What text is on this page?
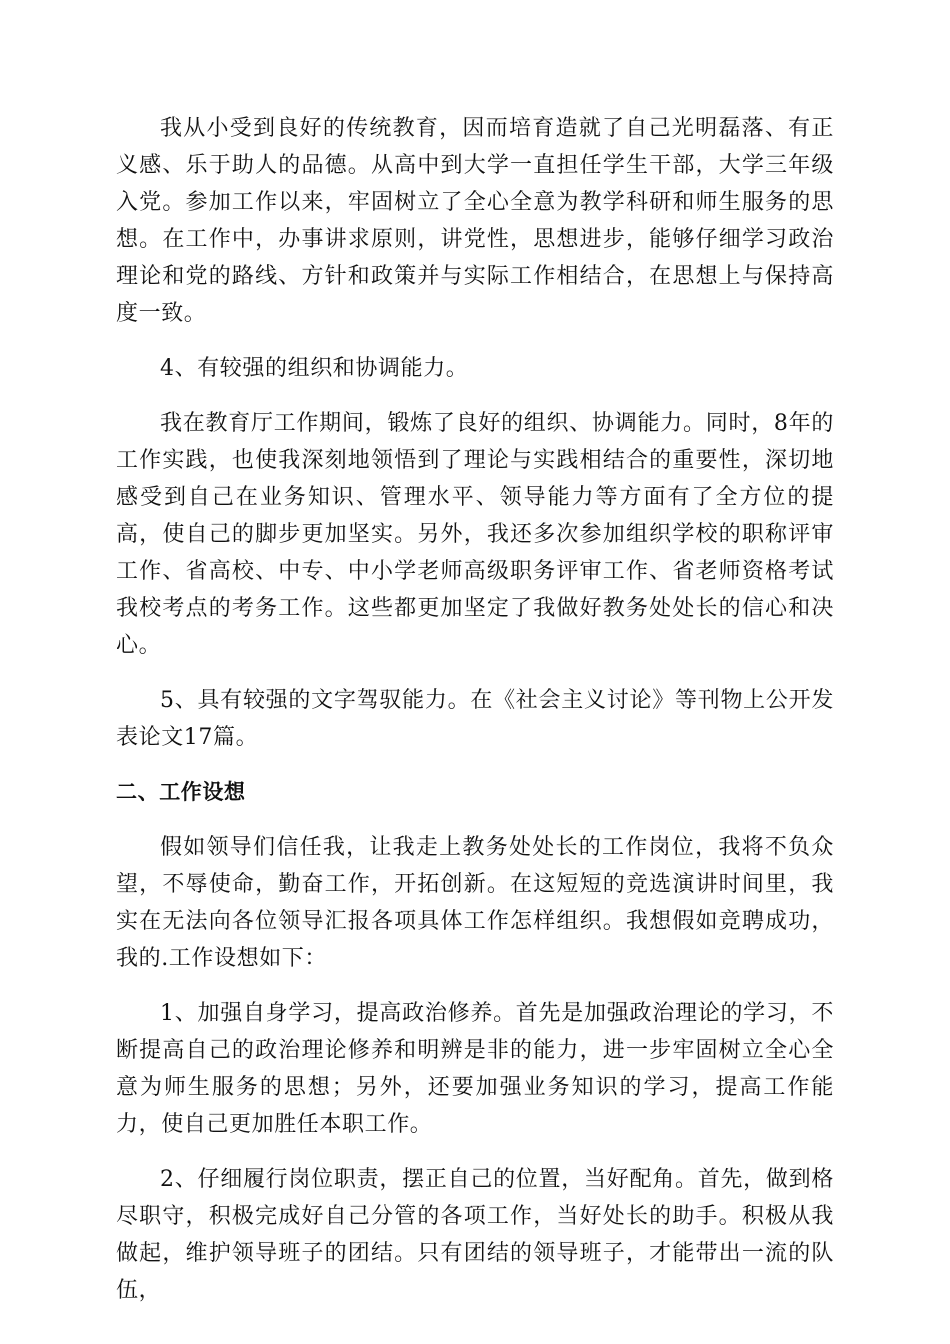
我从小受到良好的传统教育，因而培育造就了自己光明磊落、有正义感、乐于助人的品德。从高中到大学一直担任学生干部，大学三年级入党。参加工作以来，牢固树立了全心全意为教学科研和师生服务的思想。在工作中，办事讲求原则，讲党性，思想进步，能够仔细学习政治理论和党的路线、方针和政策并与实际工作相结合，在思想上与保持高度一致。

4、有较强的组织和协调能力。

我在教育厅工作期间，锻炼了良好的组织、协调能力。同时，8年的工作实践，也使我深刻地领悟到了理论与实践相结合的重要性，深切地感受到自己在业务知识、管理水平、领导能力等方面有了全方位的提高，使自己的脚步更加坚实。另外，我还多次参加组织学校的职称评审工作、省高校、中专、中小学老师高级职务评审工作、省老师资格考试我校考点的考务工作。这些都更加坚定了我做好教务处处长的信心和决心。

5、具有较强的文字驾驭能力。在《社会主义讨论》等刊物上公开发表论文17篇。

二、工作设想

假如领导们信任我，让我走上教务处处长的工作岗位，我将不负众望，不辱使命，勤奋工作，开拓创新。在这短短的竞选演讲时间里，我实在无法向各位领导汇报各项具体工作怎样组织。我想假如竞聘成功，我的.工作设想如下：

1、加强自身学习，提高政治修养。首先是加强政治理论的学习，不断提高自己的政治理论修养和明辨是非的能力，进一步牢固树立全心全意为师生服务的思想；另外，还要加强业务知识的学习，提高工作能力，使自己更加胜任本职工作。

2、仔细履行岗位职责，摆正自己的位置，当好配角。首先，做到格尽职守，积极完成好自己分管的各项工作，当好处长的助手。积极从我做起，维护领导班子的团结。只有团结的领导班子，才能带出一流的队伍，
